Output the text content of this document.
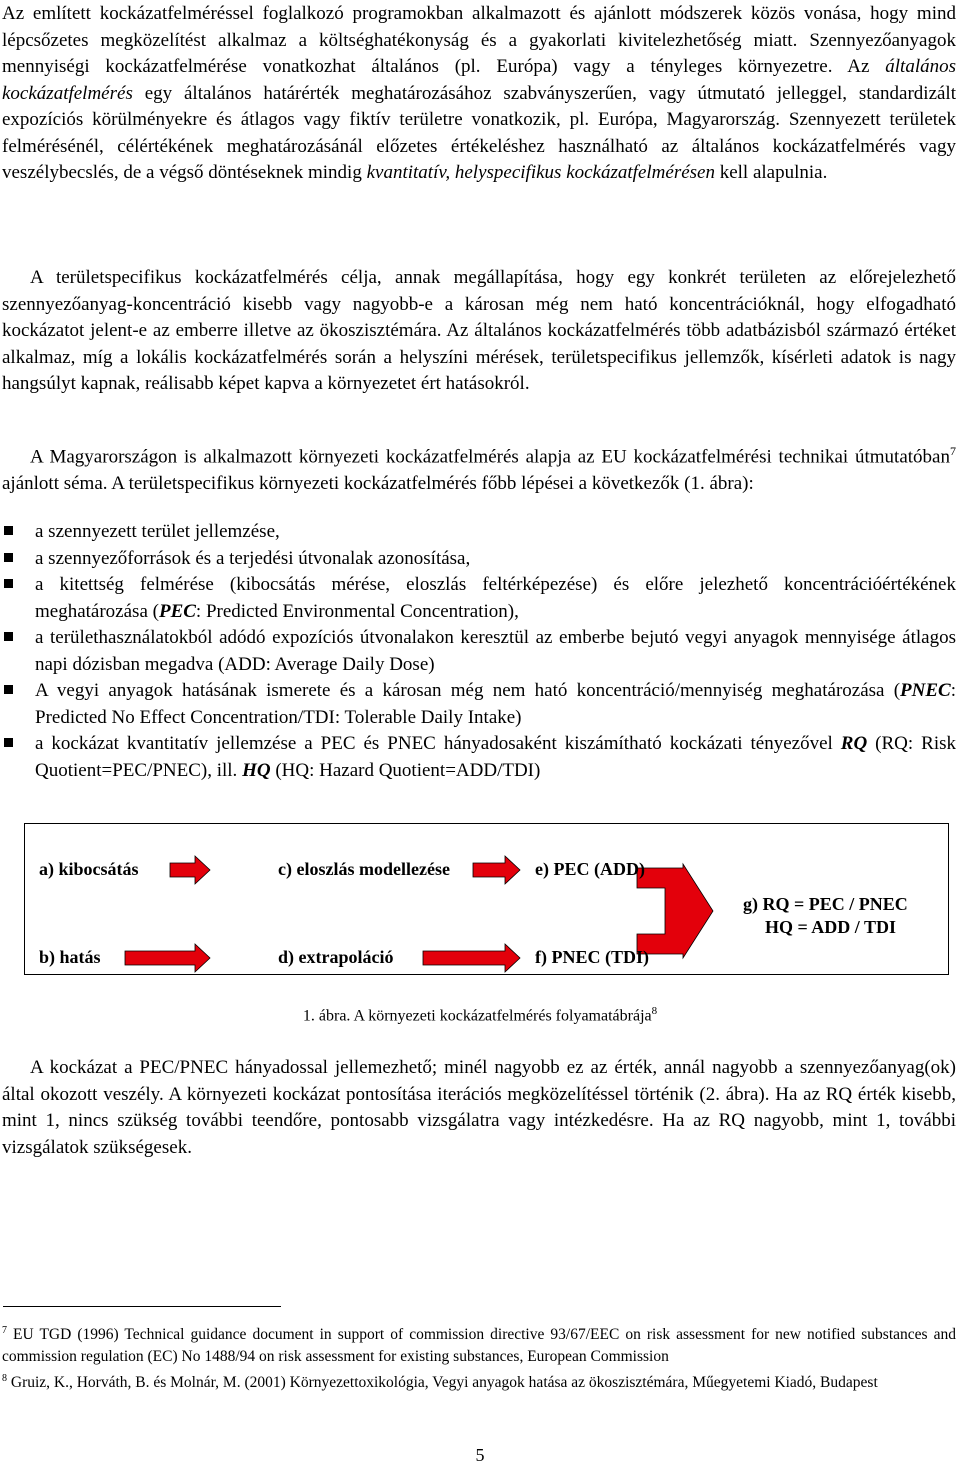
Az említett kockázatfelméréssel foglalkozó programokban alkalmazott és ajánlott módszerek közös vonása, hogy mind lépcsőzetes megközelítést alkalmaz a költséghatékonyság és a gyakorlati kivitelezhetőség miatt. Szennyezőanyagok mennyiségi kockázatfelmérése vonatkozhat általános (pl. Európa) vagy a tényleges környezetre. Az általános kockázatfelmérés egy általános határérték meghatározásához szabványszerűen, vagy útmutató jelleggel, standardizált expozíciós körülményekre és átlagos vagy fiktív területre vonatkozik, pl. Európa, Magyarország. Szennyezett területek felmérésénél, célértékének meghatározásánál előzetes értékeléshez használható az általános kockázatfelmérés vagy veszélybecslés, de a végső döntéseknek mindig kvantitatív, helyspecifikus kockázatfelmérésen kell alapulnia.

A területspecifikus kockázatfelmérés célja, annak megállapítása, hogy egy konkrét területen az előrejelezhető szennyezőanyag-koncentráció kisebb vagy nagyobb-e a károsan még nem ható koncentrációknál, hogy elfogadható kockázatot jelent-e az emberre illetve az ökoszisztémára. Az általános kockázatfelmérés több adatbázisból származó értéket alkalmaz, míg a lokális kockázatfelmérés során a helyszíni mérések, területspecifikus jellemzők, kísérleti adatok is nagy hangsúlyt kapnak, reálisabb képet kapva a környezetet ért hatásokról.

A Magyarországon is alkalmazott környezeti kockázatfelmérés alapja az EU kockázatfelmérési technikai útmutatóban$^7$ ajánlott séma. A területspecifikus környezeti kockázatfelmérés főbb lépései a következők (1. ábra):

a szennyezett terület jellemzése,
a szennyezőforrások és a terjedési útvonalak azonosítása,
a kitettség felmérése (kibocsátás mérése, eloszlás feltérképezése) és előre jelezhető koncentrációértékének meghatározása (PEC: Predicted Environmental Concentration),
a területhasználatokból adódó expozíciós útvonalakon keresztül az emberbe bejutó vegyi anyagok mennyisége átlagos napi dózisban megadva (ADD: Average Daily Dose)
A vegyi anyagok hatásának ismerete és a károsan még nem ható koncentráció/mennyiség meghatározása (PNEC: Predicted No Effect Concentration/TDI: Tolerable Daily Intake)
a kockázat kvantitatív jellemzése a PEC és PNEC hányadosaként kiszámítható kockázati tényezővel RQ (RQ: Risk Quotient=PEC/PNEC), ill. HQ (HQ: Hazard Quotient=ADD/TDI)
a) kibocsátás
b) hatás
c) eloszlás modellezése
d) extrapoláció
e) PEC (ADD)
f) PNEC (TDI)
g) RQ = PEC / PNEC
HQ = ADD / TDI
1. ábra. A környezeti kockázatfelmérés folyamatábrája$^8$

A kockázat a PEC/PNEC hányadossal jellemezhető; minél nagyobb ez az érték, annál nagyobb a szennyezőanyag(ok) által okozott veszély. A környezeti kockázat pontosítása iterációs megközelítéssel történik (2. ábra). Ha az RQ érték kisebb, mint 1, nincs szükség további teendőre, pontosabb vizsgálatra vagy intézkedésre. Ha az RQ nagyobb, mint 1, további vizsgálatok szükségesek.

$^7$ EU TGD (1996) Technical guidance document in support of commission directive 93/67/EEC on risk assessment for new notified substances and commission regulation (EC) No 1488/94 on risk assessment for existing substances, European Commission

$^8$ Gruiz, K., Horváth, B. és Molnár, M. (2001) Környezettoxikológia, Vegyi anyagok hatása az ökoszisztémára, Műegyetemi Kiadó, Budapest

5
